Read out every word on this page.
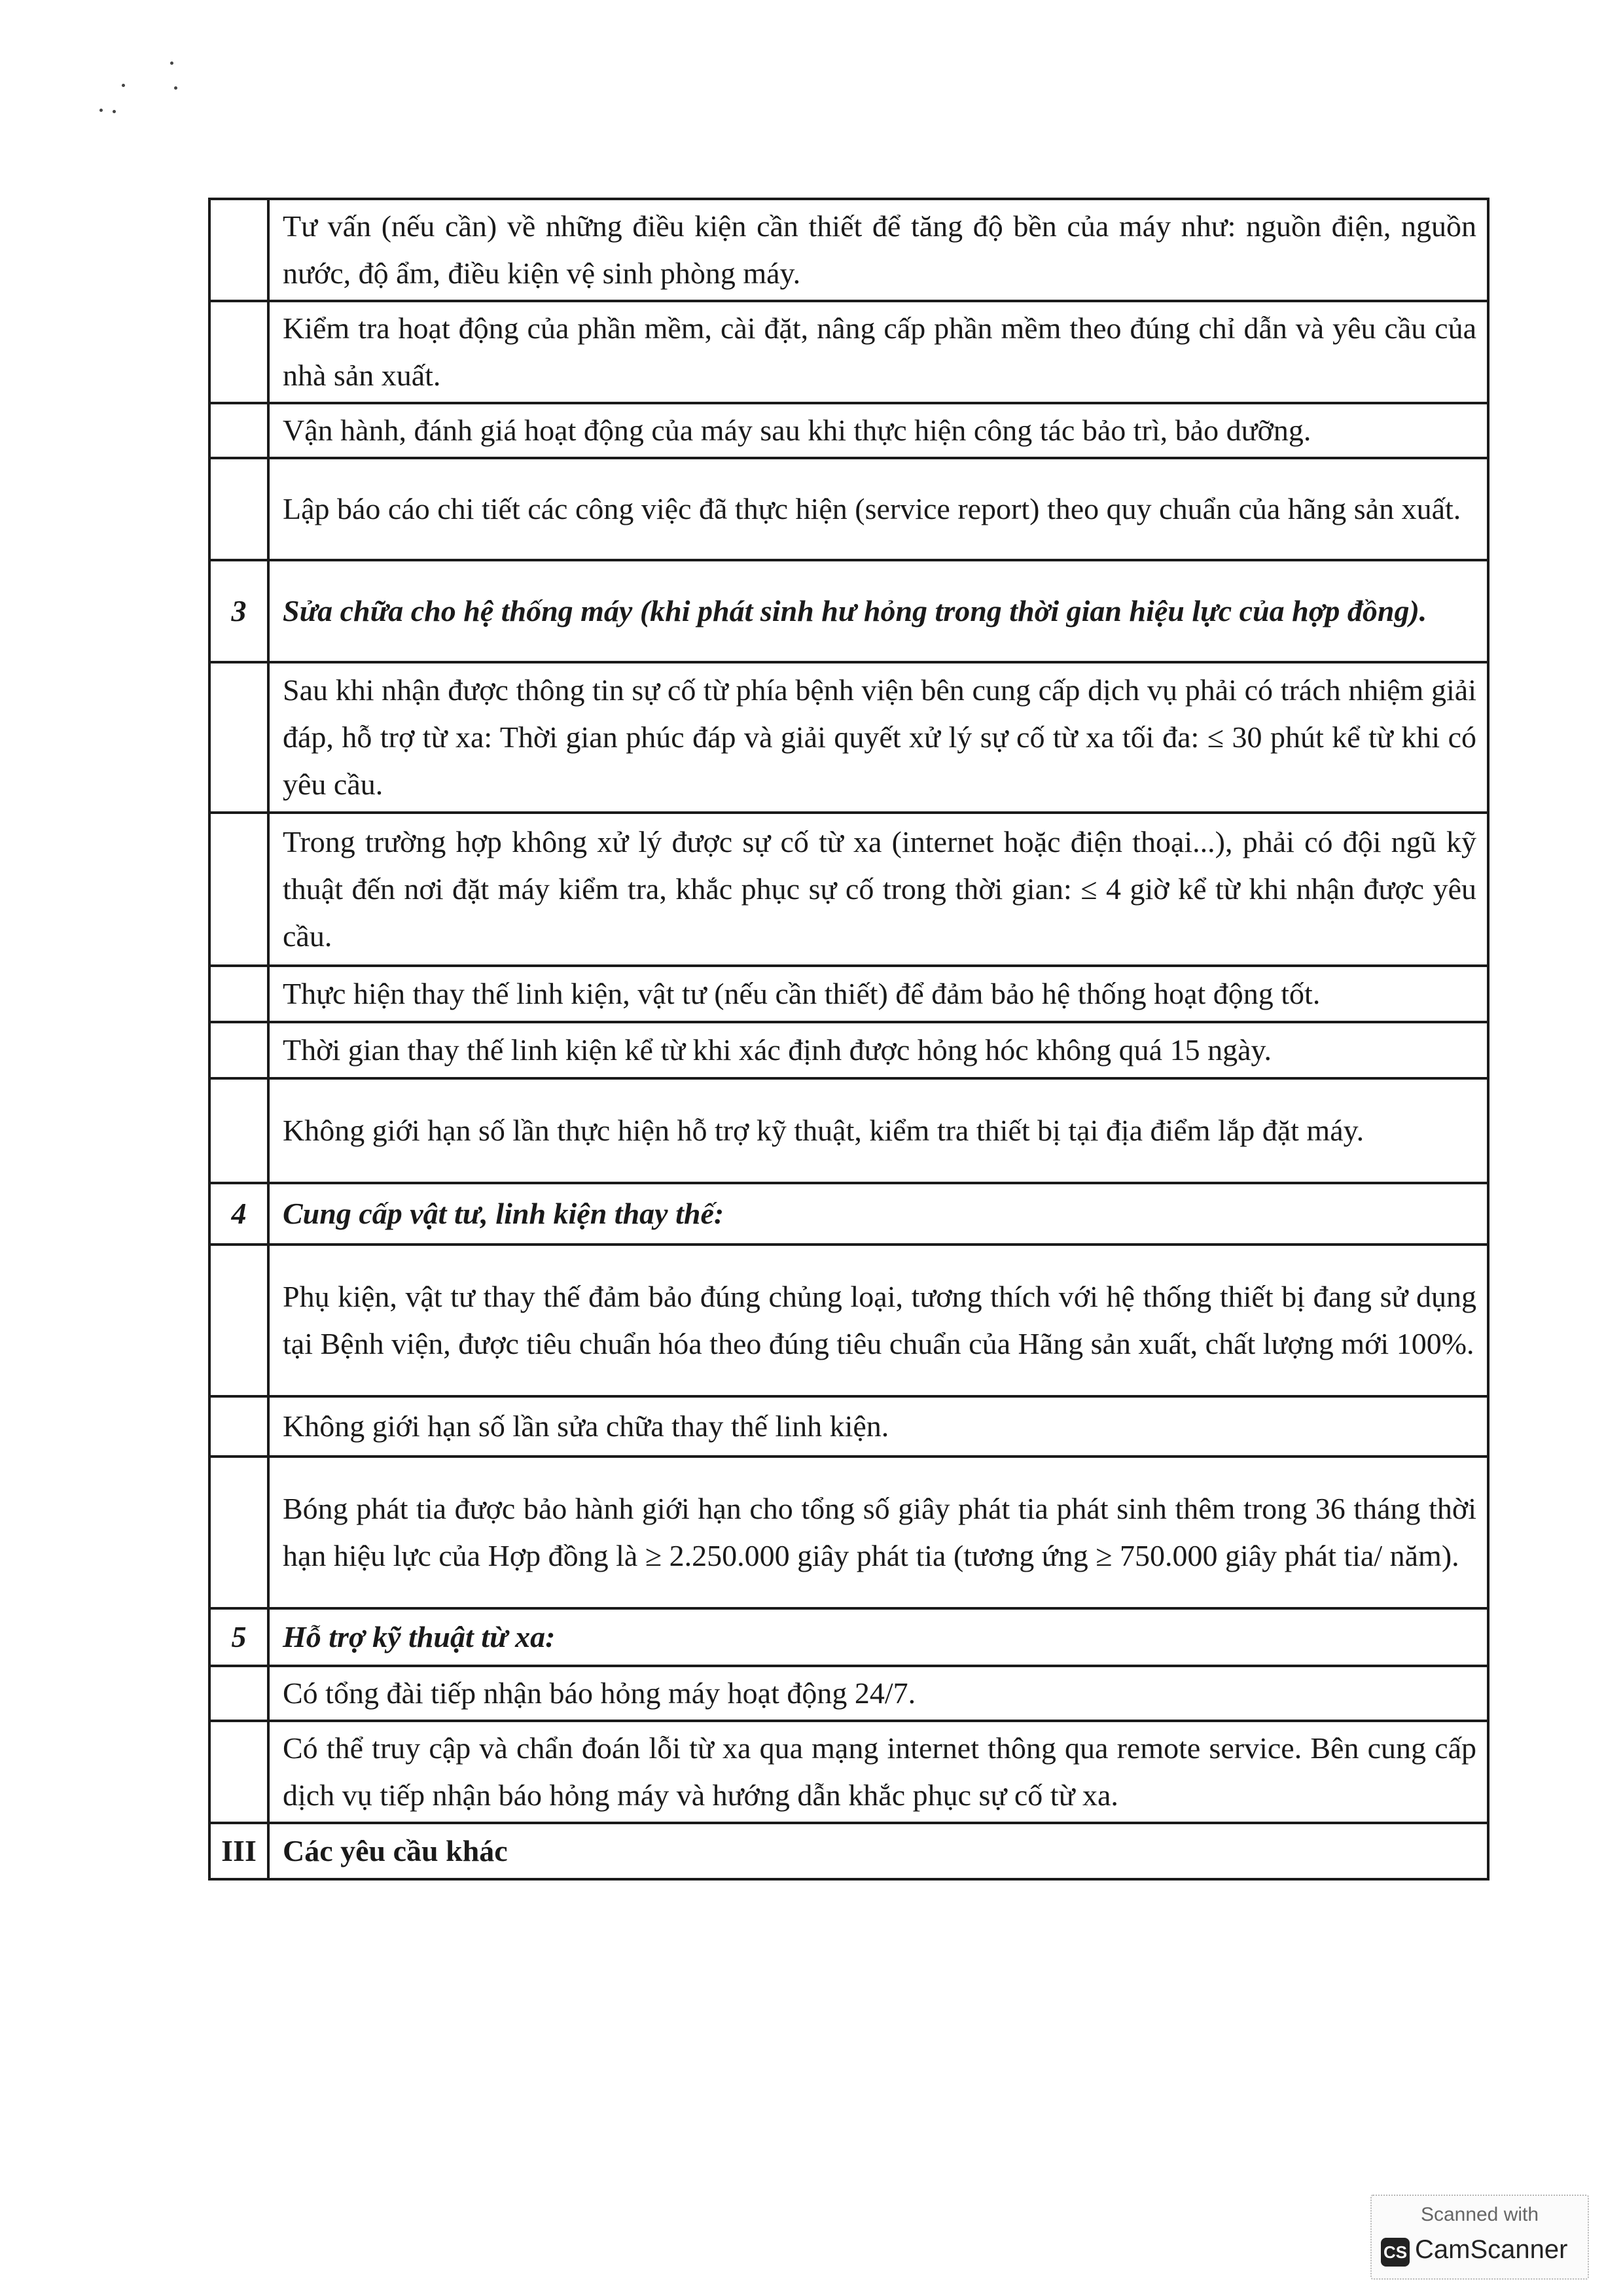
	Tư vấn (nếu cần) về những điều kiện cần thiết để tăng độ bền của máy như: nguồn điện, nguồn nước, độ ẩm, điều kiện vệ sinh phòng máy.
	Kiểm tra hoạt động của phần mềm, cài đặt, nâng cấp phần mềm theo đúng chỉ dẫn và yêu cầu của nhà sản xuất.
	Vận hành, đánh giá hoạt động của máy sau khi thực hiện công tác bảo trì, bảo dưỡng.
	Lập báo cáo chi tiết các công việc đã thực hiện (service report) theo quy chuẩn của hãng sản xuất.
3	Sửa chữa cho hệ thống máy (khi phát sinh hư hỏng trong thời gian hiệu lực của hợp đồng).
	Sau khi nhận được thông tin sự cố từ phía bệnh viện bên cung cấp dịch vụ phải có trách nhiệm giải đáp, hỗ trợ từ xa: Thời gian phúc đáp và giải quyết xử lý sự cố từ xa tối đa: ≤ 30 phút kể từ khi có yêu cầu.
	Trong trường hợp không xử lý được sự cố từ xa (internet hoặc điện thoại...), phải có đội ngũ kỹ thuật đến nơi đặt máy kiểm tra, khắc phục sự cố trong thời gian: ≤ 4 giờ kể từ khi nhận được yêu cầu.
	Thực hiện thay thế linh kiện, vật tư (nếu cần thiết) để đảm bảo hệ thống hoạt động tốt.
	Thời gian thay thế linh kiện kể từ khi xác định được hỏng hóc không quá 15 ngày.
	Không giới hạn số lần thực hiện hỗ trợ kỹ thuật, kiểm tra thiết bị tại địa điểm lắp đặt máy.
4	Cung cấp vật tư, linh kiện thay thế:
	Phụ kiện, vật tư thay thế đảm bảo đúng chủng loại, tương thích với hệ thống thiết bị đang sử dụng tại Bệnh viện, được tiêu chuẩn hóa theo đúng tiêu chuẩn của Hãng sản xuất, chất lượng mới 100%.
	Không giới hạn số lần sửa chữa thay thế linh kiện.
	Bóng phát tia được bảo hành giới hạn cho tổng số giây phát tia phát sinh thêm trong 36 tháng thời hạn hiệu lực của Hợp đồng là ≥ 2.250.000 giây phát tia (tương ứng ≥ 750.000 giây phát tia/ năm).
5	Hỗ trợ kỹ thuật từ xa:
	Có tổng đài tiếp nhận báo hỏng máy hoạt động 24/7.
	Có thể truy cập và chẩn đoán lỗi từ xa qua mạng internet thông qua remote service. Bên cung cấp dịch vụ tiếp nhận báo hỏng máy và hướng dẫn khắc phục sự cố từ xa.
III	Các yêu cầu khác
Scanned with
CS CamScanner
